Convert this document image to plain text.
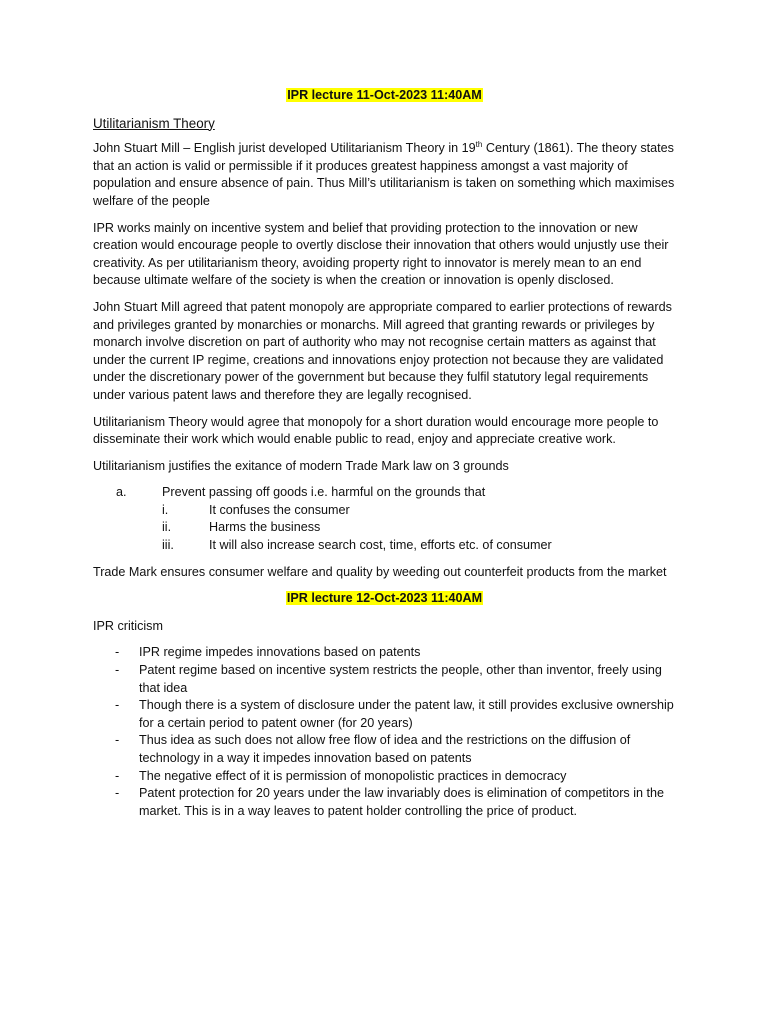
IPR lecture 11-Oct-2023 11:40AM
Utilitarianism Theory

John Stuart Mill – English jurist developed Utilitarianism Theory in 19th Century (1861). The theory states that an action is valid or permissible if it produces greatest happiness amongst a vast majority of population and ensure absence of pain. Thus Mill’s utilitarianism is taken on something which maximises welfare of the people

IPR works mainly on incentive system and belief that providing protection to the innovation or new creation would encourage people to overtly disclose their innovation that others would unjustly use their creativity. As per utilitarianism theory, avoiding property right to innovator is merely mean to an end because ultimate welfare of the society is when the creation or innovation is openly disclosed.

John Stuart Mill agreed that patent monopoly are appropriate compared to earlier protections of rewards and privileges granted by monarchies or monarchs. Mill agreed that granting rewards or privileges by monarch involve discretion on part of authority who may not recognise certain matters as against that under the current IP regime, creations and innovations enjoy protection not because they are validated under the discretionary power of the government but because they fulfil statutory legal requirements under various patent laws and therefore they are legally recognised.

Utilitarianism Theory would agree that monopoly for a short duration would encourage more people to disseminate their work which would enable public to read, enjoy and appreciate creative work.

Utilitarianism justifies the exitance of modern Trade Mark law on 3 grounds

a.	Prevent passing off goods i.e. harmful on the grounds that
i.	It confuses the consumer
ii.	Harms the business
iii.	It will also increase search cost, time, efforts etc. of consumer

Trade Mark ensures consumer welfare and quality by weeding out counterfeit products from the market

IPR lecture 12-Oct-2023 11:40AM

IPR criticism

- IPR regime impedes innovations based on patents
- Patent regime based on incentive system restricts the people, other than inventor, freely using that idea
- Though there is a system of disclosure under the patent law, it still provides exclusive ownership for a certain period to patent owner (for 20 years)
- Thus idea as such does not allow free flow of idea and the restrictions on the diffusion of technology in a way it impedes innovation based on patents
- The negative effect of it is permission of monopolistic practices in democracy
- Patent protection for 20 years under the law invariably does is elimination of competitors in the market. This is in a way leaves to patent holder controlling the price of product.
